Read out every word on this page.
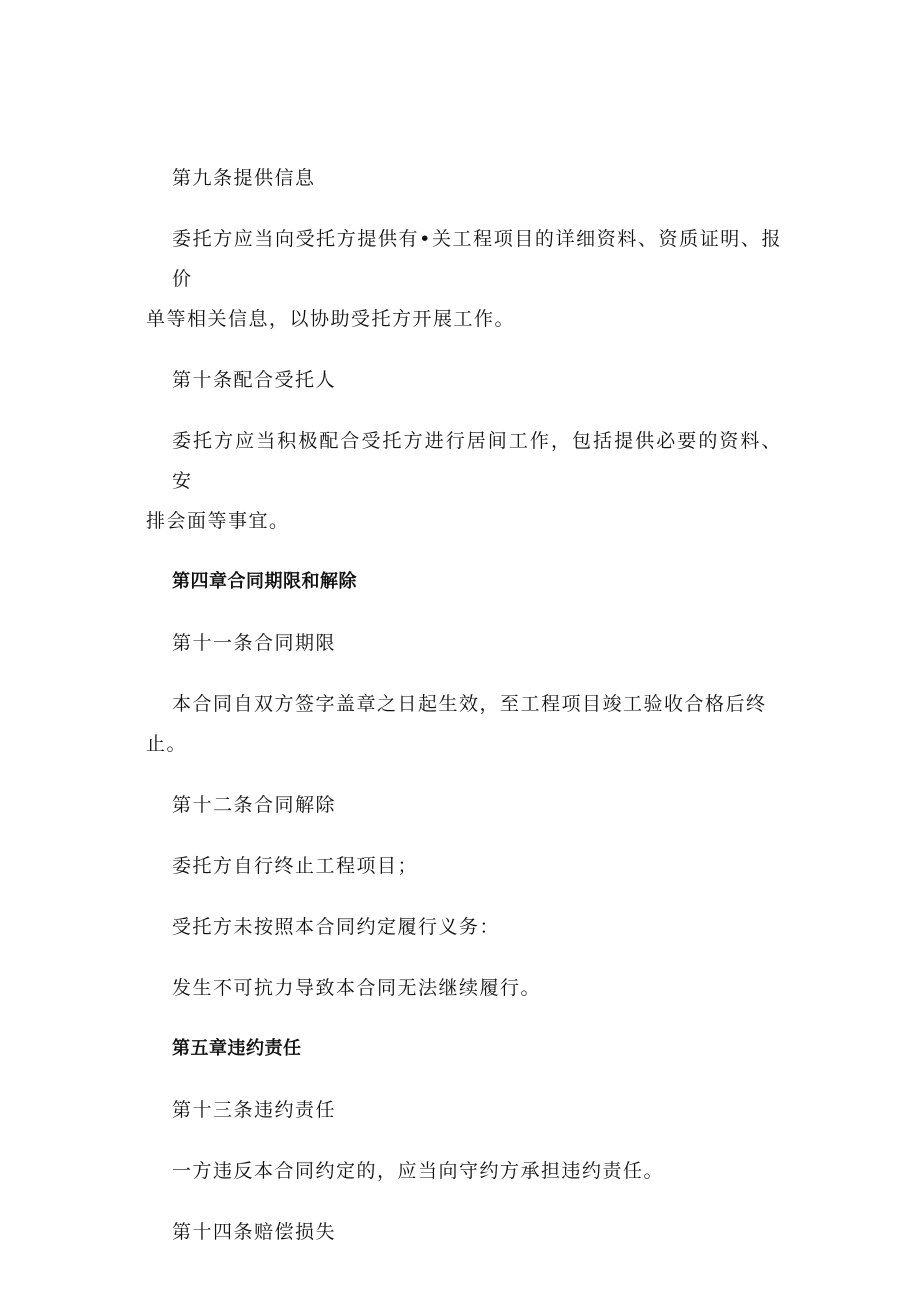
第九条提供信息

委托方应当向受托方提供有•关工程项目的详细资料、资质证明、报价
单等相关信息，以协助受托方开展工作。

第十条配合受托人

委托方应当积极配合受托方进行居间工作，包括提供必要的资料、安
排会面等事宜。

第四章合同期限和解除

第十一条合同期限

本合同自双方签字盖章之日起生效，至工程项目竣工验收合格后终
止。

第十二条合同解除

委托方自行终止工程项目；

受托方未按照本合同约定履行义务：

发生不可抗力导致本合同无法继续履行。

第五章违约责任

第十三条违约责任

一方违反本合同约定的，应当向守约方承担违约责任。

第十四条赔偿损失
